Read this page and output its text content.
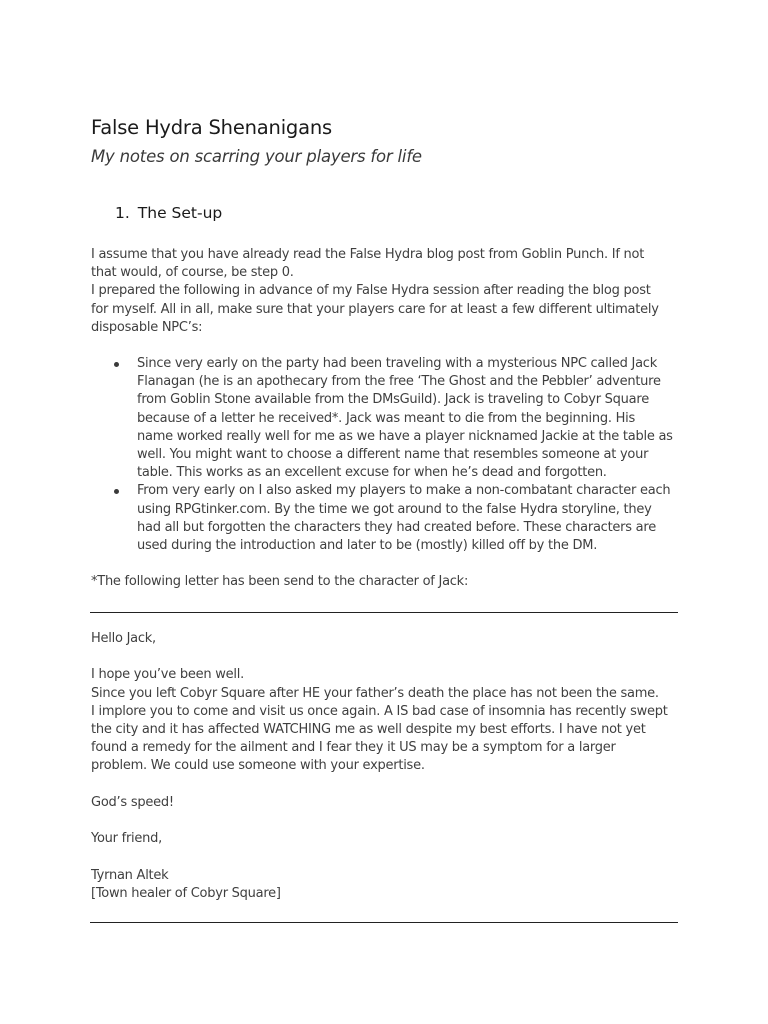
False Hydra Shenanigans
My notes on scarring your players for life
1. The Set-up
I assume that you have already read the False Hydra blog post from Goblin Punch. If not
that would, of course, be step 0.
I prepared the following in advance of my False Hydra session after reading the blog post
for myself. All in all, make sure that your players care for at least a few different ultimately
disposable NPC’s:
Since very early on the party had been traveling with a mysterious NPC called Jack
Flanagan (he is an apothecary from the free ‘The Ghost and the Pebbler’ adventure
from Goblin Stone available from the DMsGuild). Jack is traveling to Cobyr Square
because of a letter he received*. Jack was meant to die from the beginning. His
name worked really well for me as we have a player nicknamed Jackie at the table as
well. You might want to choose a different name that resembles someone at your
table. This works as an excellent excuse for when he’s dead and forgotten.
From very early on I also asked my players to make a non-combatant character each
using RPGtinker.com. By the time we got around to the false Hydra storyline, they
had all but forgotten the characters they had created before. These characters are
used during the introduction and later to be (mostly) killed off by the DM.
*The following letter has been send to the character of Jack:
Hello Jack,
I hope you’ve been well.
Since you left Cobyr Square after HE your father’s death the place has not been the same.
I implore you to come and visit us once again. A IS bad case of insomnia has recently swept
the city and it has affected WATCHING me as well despite my best efforts. I have not yet
found a remedy for the ailment and I fear they it US may be a symptom for a larger
problem. We could use someone with your expertise.
God’s speed!
Your friend,
Tyrnan Altek
[Town healer of Cobyr Square]
